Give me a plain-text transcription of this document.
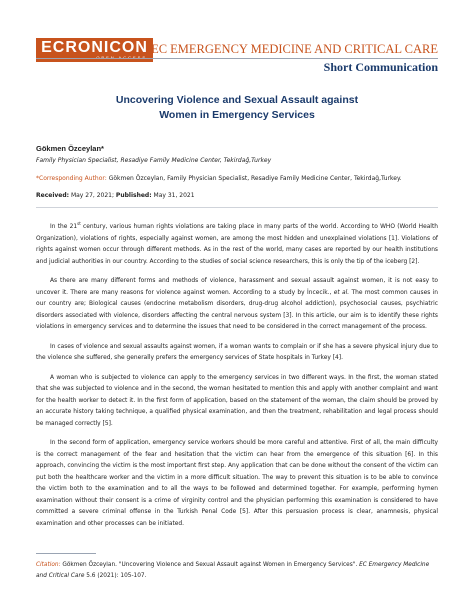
ECRONICON EC EMERGENCY MEDICINE AND CRITICAL CARE
Short Communication
Uncovering Violence and Sexual Assault against
Women in Emergency Services
Gökmen Özceylan*
Family Physician Specialist, Resadiye Family Medicine Center, Tekirdağ,Turkey
*Corresponding Author: Gökmen Özceylan, Family Physician Specialist, Resadiye Family Medicine Center, Tekirdağ,Turkey.
Received: May 27, 2021; Published: May 31, 2021

In the 21st century, various human rights violations are taking place in many parts of the world. According to WHO (World Health Organization), violations of rights, especially against women, are among the most hidden and unexplained violations [1]. Violations of rights against women occur through different methods. As in the rest of the world, many cases are reported by our health institutions and judicial authorities in our country. According to the studies of social science researchers, this is only the tip of the iceberg [2].

As there are many different forms and methods of violence, harassment and sexual assault against women, it is not easy to uncover it. There are many reasons for violence against women. According to a study by İncecik., et al. The most common causes in our country are; Biological causes (endocrine metabolism disorders, drug-drug alcohol addiction), psychosocial causes, psychiatric disorders associated with violence, disorders affecting the central nervous system [3]. In this article, our aim is to identify these rights violations in emergency services and to determine the issues that need to be considered in the correct management of the process.

In cases of violence and sexual assaults against women, if a woman wants to complain or if she has a severe physical injury due to the violence she suffered, she generally prefers the emergency services of State hospitals in Turkey [4].

A woman who is subjected to violence can apply to the emergency services in two different ways. In the first, the woman stated that she was subjected to violence and in the second, the woman hesitated to mention this and apply with another complaint and want for the health worker to detect it. In the first form of application, based on the statement of the woman, the claim should be proved by an accurate history taking technique, a qualified physical examination, and then the treatment, rehabilitation and legal process should be managed correctly [5].

In the second form of application, emergency service workers should be more careful and attentive. First of all, the main difficulty is the correct management of the fear and hesitation that the victim can hear from the emergence of this situation [6]. In this approach, convincing the victim is the most important first step. Any application that can be done without the consent of the victim can put both the healthcare worker and the victim in a more difficult situation. The way to prevent this situation is to be able to convince the victim both to the examination and to all the ways to be followed and determined together. For example, performing hymen examination without their consent is a crime of virginity control and the physician performing this examination is considered to have committed a severe criminal offense in the Turkish Penal Code [5]. After this persuasion process is clear, anamnesis, physical examination and other processes can be initiated.

Citation: Gökmen Özceylan. "Uncovering Violence and Sexual Assault against Women in Emergency Services". EC Emergency Medicine and Critical Care 5.6 (2021): 105-107.
